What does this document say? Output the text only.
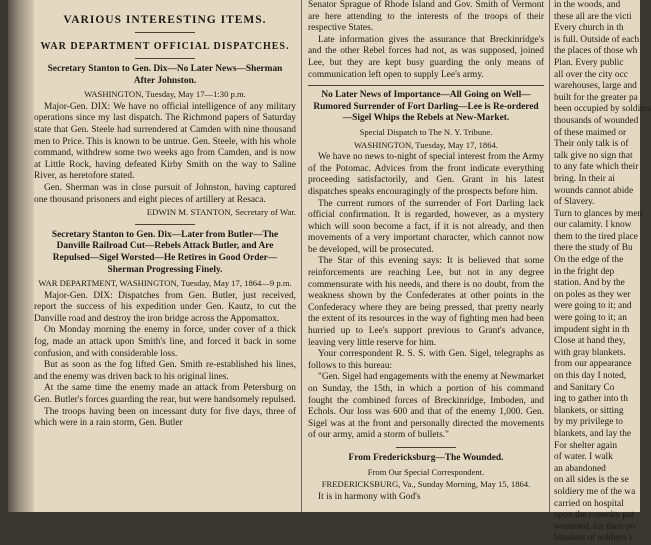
VARIOUS INTERESTING ITEMS.
WAR DEPARTMENT OFFICIAL DISPATCHES.

Secretary Stanton to Gen. Dix—No Later News—Sherman After Johnston.

WASHINGTON, Tuesday, May 17—1:30 p.m.

Major-Gen. DIX: We have no official intelligence of any military operations since my last dispatch. The Richmond papers of Saturday state that Gen. Steele had surrendered at Camden with nine thousand men to Price. This is known to be untrue. Gen. Steele, with his whole command, withdrew some two weeks ago from Camden, and is now at Little Rock, having defeated Kirby Smith on the way to Saline River, as heretofore stated.

Gen. Sherman was in close pursuit of Johnston, having captured one thousand prisoners and eight pieces of artillery at Resaca.

EDWIN M. STANTON, Secretary of War.

Secretary Stanton to Gen. Dix—Later from Butler—The Danville Railroad Cut—Rebels Attack Butler, and Are Repulsed—Sigel Worsted—He Retires in Good Order—Sherman Progressing Finely.

WAR DEPARTMENT, WASHINGTON, Tuesday, May 17, 1864—9 p.m.

Major-Gen. DIX: Dispatches from Gen. Butler, just received, report the success of his expedition under Gen. Kautz, to cut the Danville road and destroy the iron bridge across the Appomattox.

On Monday morning the enemy in force, under cover of a thick fog, made an attack upon Smith's line, and forced it back in some confusion, and with considerable loss.

But as soon as the fog lifted Gen. Smith re-established his lines, and the enemy was driven back to his original lines.

At the same time the enemy made an attack from Petersburg on Gen. Butler's forces guarding the rear, but were handsomely repulsed.

The troops having been on incessant duty for five days, three of which were in a rain storm, Gen. Butler

Senator Sprague of Rhode Island and Gov. Smith of Vermont are here attending to the interests of the troops of their respective States.

Late information gives the assurance that Breckinridge's and the other Rebel forces had not, as was supposed, joined Lee, but they are kept busy guarding the only means of communication left open to supply Lee's army.

No Later News of Importance—All Going on Well—Rumored Surrender of Fort Darling—Lee is Re-ordered—Sigel Whips the Rebels at New-Market.

Special Dispatch to The N. Y. Tribune.

WASHINGTON, Tuesday, May 17, 1864.

We have no news to-night of special interest from the Army of the Potomac. Advices from the front indicate everything proceeding satisfactorily, and Gen. Grant in his latest dispatches speaks encouragingly of the prospects before him.

The current rumors of the surrender of Fort Darling lack official confirmation. It is regarded, however, as a mystery which will soon become a fact, if it is not already, and then movements of a very important character, which cannot now be developed, will be prosecuted.

The Star of this evening says: It is believed that some reinforcements are reaching Lee, but not in any degree commensurate with his needs, and there is no doubt, from the weakness shown by the Confederates at other points in the Confederacy where they are being pressed, that pretty nearly the extent of its resources in the way of fighting men had been hurried up to Lee's support previous to Grant's advance, leaving very little reserve for him.

Your correspondent R. S. S. with Gen. Sigel, telegraphs as follows to this bureau:

"Gen. Sigel had engagements with the enemy at Newmarket on Sunday, the 15th, in which a portion of his command fought the combined forces of Breckinridge, Imboden, and Echols. Our loss was 600 and that of the enemy 1,000. Gen. Sigel was at the front and personally directed the movements of our army, amid a storm of bullets."

From Fredericksburg—The Wounded.

From Our Special Correspondent.

FREDERICKSBURG, Va., Sunday Morning, May 15, 1864.

It is in harmony with God's

in the woods, and

these all are the victi

Every church in th

is full. Outside of each

the places of those wh

Plan. Every public

all over the city occ

warehouses, large and

built for the greater pa

been occupied by soldiers

thousands of wounded

of these maimed or

Their only talk is of

talk give no sign that

to any fate which their

bring. In their ai

wounds cannot abide

of Slavery.

Turn to glances by men

our calamity. I know

them to the tired place

there the study of Bu

On the edge of the

in the fright dep

station. And by the

on poles as they wer

were going to it; and

were going to it; an

impudent sight in th

Close at hand they,

with gray blankets.

from our appearance

on this day I noted,

and Sanitary Co

ing to gather into th

blankets, or sitting

by my privilege to

blankets, and lay the

For shelter again

of water. I walk

an abandoned

on all sides is the se

soldiery me of the wa

carried on hospital

upon the capacity pat

wounded, for their po

blankets of soldiers t
